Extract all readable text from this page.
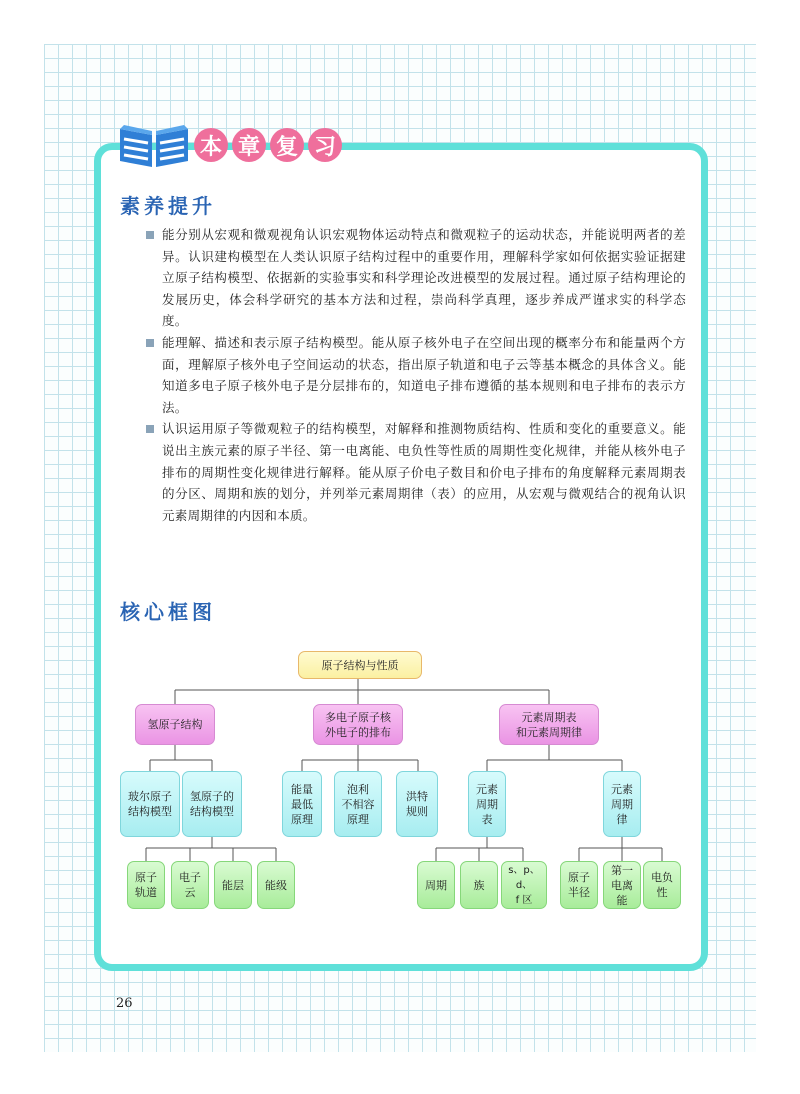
本 章 复 习
素养提升

能分别从宏观和微观视角认识宏观物体运动特点和微观粒子的运动状态，并能说明两者的差异。认识建构模型在人类认识原子结构过程中的重要作用，理解科学家如何依据实验证据建立原子结构模型、依据新的实验事实和科学理论改进模型的发展过程。通过原子结构理论的发展历史，体会科学研究的基本方法和过程，崇尚科学真理，逐步养成严谨求实的科学态度。

能理解、描述和表示原子结构模型。能从原子核外电子在空间出现的概率分布和能量两个方面，理解原子核外电子空间运动的状态，指出原子轨道和电子云等基本概念的具体含义。能知道多电子原子核外电子是分层排布的，知道电子排布遵循的基本规则和电子排布的表示方法。

认识运用原子等微观粒子的结构模型，对解释和推测物质结构、性质和变化的重要意义。能说出主族元素的原子半径、第一电离能、电负性等性质的周期性变化规律，并能从核外电子排布的周期性变化规律进行解释。能从原子价电子数目和价电子排布的角度解释元素周期表的分区、周期和族的划分，并列举元素周期律（表）的应用，从宏观与微观结合的视角认识元素周期律的内因和本质。

核心框图
原子结构与性质
氢原子结构
多电子原子核
外电子的排布
元素周期表
和元素周期律
玻尔原子
结构模型
氢原子的
结构模型
能量
最低
原理
泡利
不相容
原理
洪特
规则
元素
周期
表
元素
周期
律
原子
轨道
电子
云
能层	能级	周期	族
s、p、d、
f 区
原子
半径
第一
电离
能
电负
性
26
